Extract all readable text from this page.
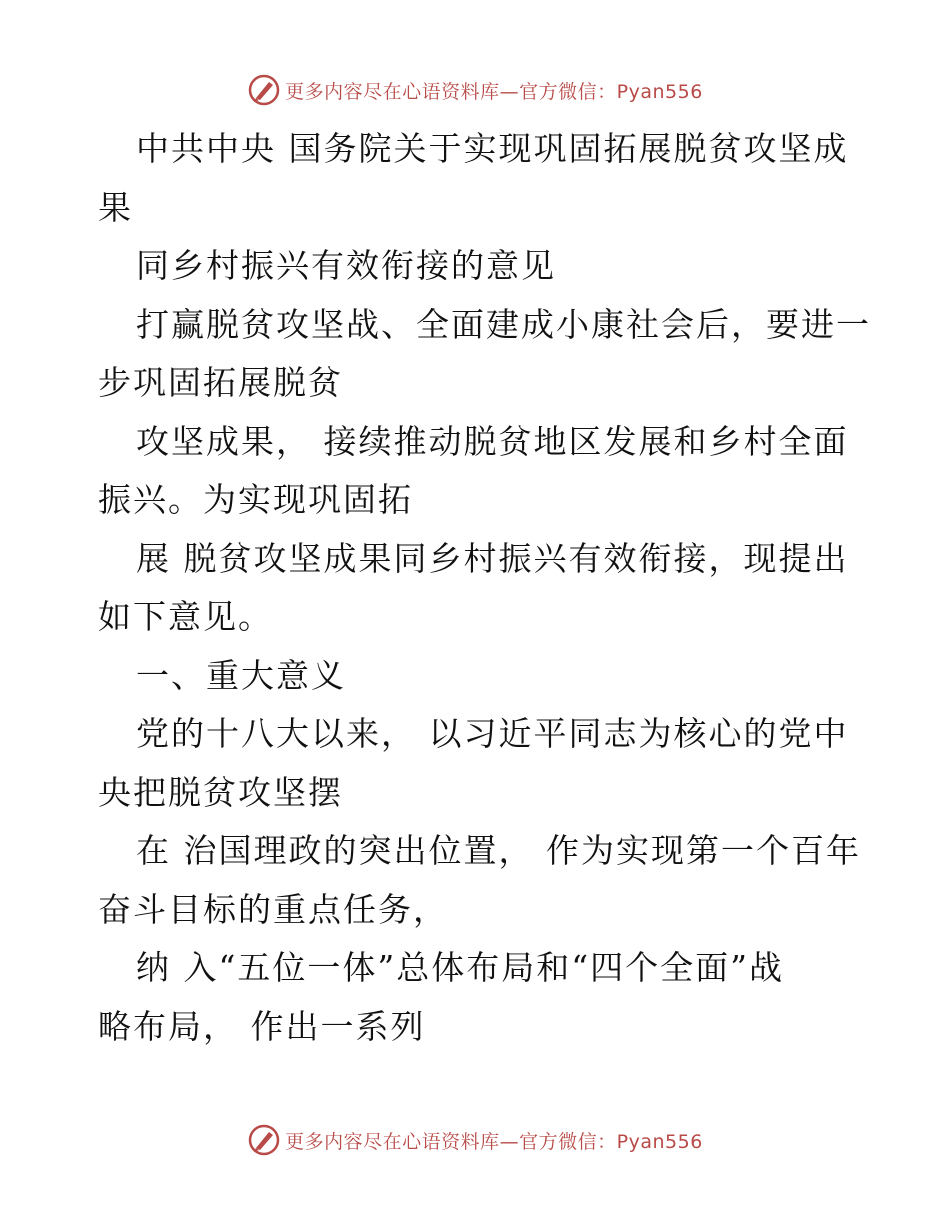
更多内容尽在心语资料库—官方微信：Pyan556
中共中央 国务院关于实现巩固拓展脱贫攻坚成
果
同乡村振兴有效衔接的意见
打赢脱贫攻坚战、全面建成小康社会后，要进一
步巩固拓展脱贫
攻坚成果， 接续推动脱贫地区发展和乡村全面
振兴。为实现巩固拓
展 脱贫攻坚成果同乡村振兴有效衔接，现提出
如下意见。
一、重大意义
党的十八大以来， 以习近平同志为核心的党中
央把脱贫攻坚摆
在 治国理政的突出位置， 作为实现第一个百年
奋斗目标的重点任务，
纳 入“五位一体”总体布局和“四个全面”战
略布局， 作出一系列
更多内容尽在心语资料库—官方微信：Pyan556
